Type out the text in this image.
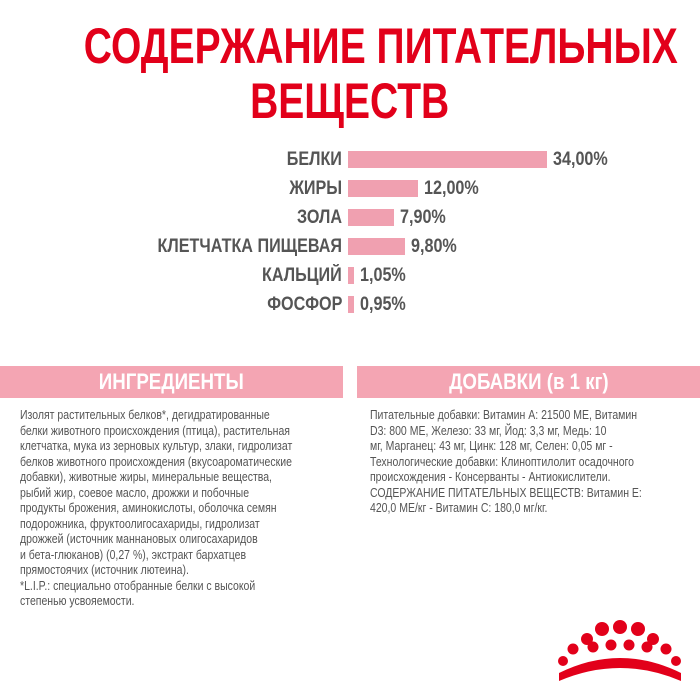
СОДЕРЖАНИЕ ПИТАТЕЛЬНЫХ
ВЕЩЕСТВ
БЕЛКИ	34,00%
ЖИРЫ	12,00%
ЗОЛА	7,90%
КЛЕТЧАТКА ПИЩЕВАЯ	9,80%
КАЛЬЦИЙ 1,05%
ФОСФОР 0,95%
ИНГРЕДИЕНТЫ	ДОБАВКИ (в 1 кг)
Изолят растительных белков*, дегидратированные
белки животного происхождения (птица), растительная
клетчатка, мука из зерновых культур, злаки, гидролизат
белков животного происхождения (вкусоароматические
добавки), животные жиры, минеральные вещества,
рыбий жир, соевое масло, дрожжи и побочные
продукты брожения, аминокислоты, оболочка семян
подорожника, фруктоолигосахариды, гидролизат
дрожжей (источник маннановых олигосахаридов
и бета-глюканов) (0,27 %), экстракт бархатцев
прямостоячих (источник лютеина).
*L.I.P.: специально отобранные белки с высокой
степенью усвояемости.
Питательные добавки: Витамин А: 21500 МЕ, Витамин
D3: 800 МЕ, Железо: 33 мг, Йод: 3,3 мг, Медь: 10
мг, Марганец: 43 мг, Цинк: 128 мг, Селен: 0,05 мг -
Технологические добавки: Клиноптилолит осадочного
происхождения - Консерванты - Антиокислители.
СОДЕРЖАНИЕ ПИТАТЕЛЬНЫХ ВЕЩЕСТВ: Витамин Е:
420,0 МЕ/кг - Витамин С: 180,0 мг/кг.
